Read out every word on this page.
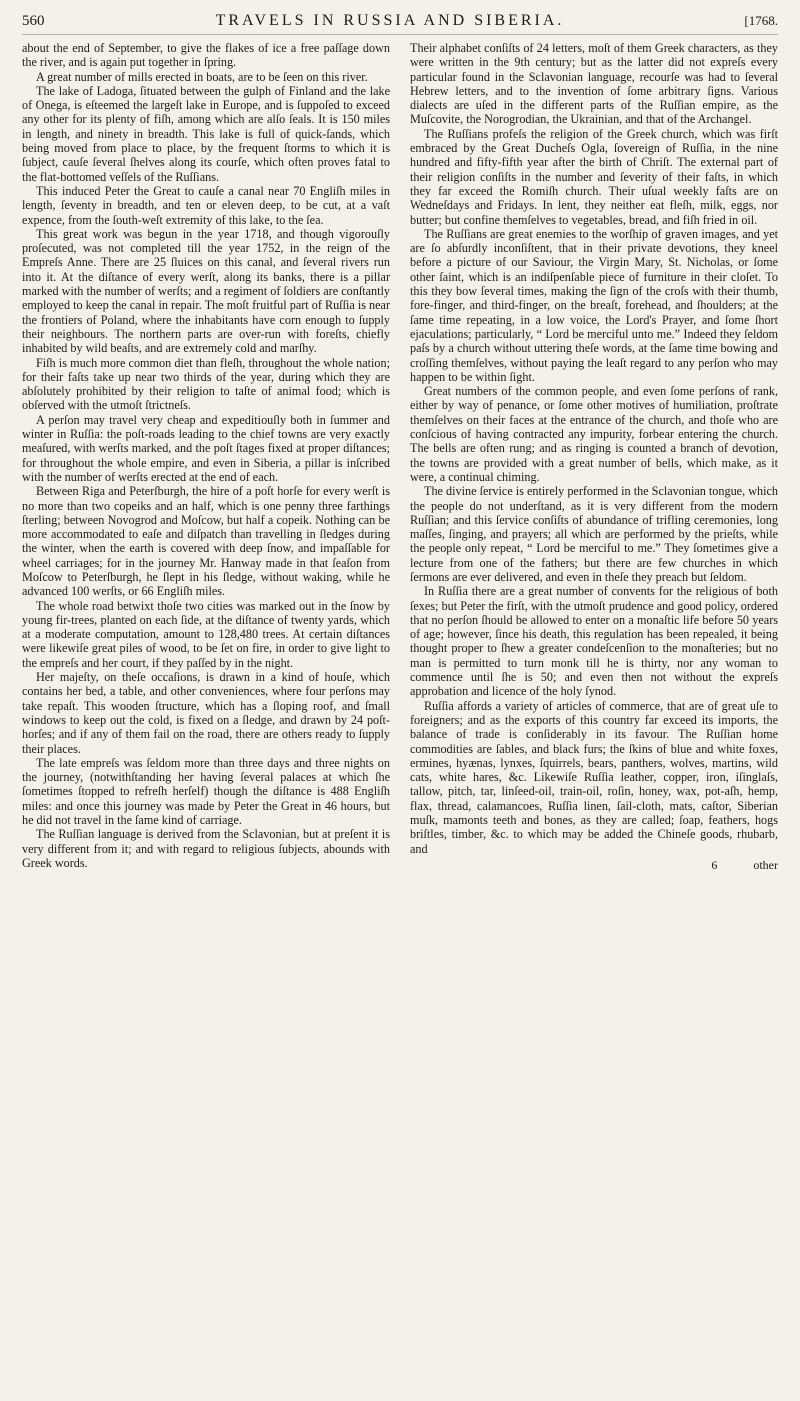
560	TRAVELS IN RUSSIA AND SIBERIA.	[1768.

about the end of September, to give the flakes of ice a free paſſage down the river, and is again put together in ſpring.

A great number of mills erected in boats, are to be ſeen on this river.

The lake of Ladoga, ſituated between the gulph of Finland and the lake of Onega, is eſteemed the largeſt lake in Europe, and is ſuppoſed to exceed any other for its plenty of fiſh, among which are alſo ſeals. It is 150 miles in length, and ninety in breadth. This lake is full of quick-ſands, which being moved from place to place, by the frequent ſtorms to which it is ſubject, cauſe ſeveral ſhelves along its courſe, which often proves fatal to the flat-bottomed veſſels of the Ruſſians.

This induced Peter the Great to cauſe a canal near 70 Engliſh miles in length, ſeventy in breadth, and ten or eleven deep, to be cut, at a vaſt expence, from the ſouth-weſt extremity of this lake, to the ſea.

This great work was begun in the year 1718, and though vigorouſly proſecuted, was not completed till the year 1752, in the reign of the Empreſs Anne. There are 25 ſluices on this canal, and ſeveral rivers run into it. At the diſtance of every werſt, along its banks, there is a pillar marked with the number of werſts; and a regiment of ſoldiers are conſtantly employed to keep the canal in repair. The moſt fruitful part of Ruſſia is near the frontiers of Poland, where the inhabitants have corn enough to ſupply their neighbours. The northern parts are over-run with foreſts, chiefly inhabited by wild beaſts, and are extremely cold and marſhy.

Fiſh is much more common diet than fleſh, throughout the whole nation; for their faſts take up near two thirds of the year, during which they are abſolutely prohibited by their religion to taſte of animal food; which is obſerved with the utmoſt ſtrictneſs.

A perſon may travel very cheap and expeditiouſly both in ſummer and winter in Ruſſia: the poſt-roads leading to the chief towns are very exactly meaſured, with werſts marked, and the poſt ſtages fixed at proper diſtances; for throughout the whole empire, and even in Siberia, a pillar is inſcribed with the number of werſts erected at the end of each.

Between Riga and Peterſburgh, the hire of a poſt horſe for every werſt is no more than two copeiks and an half, which is one penny three farthings ſterling; between Novogrod and Moſcow, but half a copeik. Nothing can be more accommodated to eaſe and diſpatch than travelling in ſledges during the winter, when the earth is covered with deep ſnow, and impaſſable for wheel carriages; for in the journey Mr. Hanway made in that ſeaſon from Moſcow to Peterſburgh, he ſlept in his ſledge, without waking, while he advanced 100 werſts, or 66 Engliſh miles.

The whole road betwixt thoſe two cities was marked out in the ſnow by young fir-trees, planted on each ſide, at the diſtance of twenty yards, which at a moderate computation, amount to 128,480 trees. At certain diſtances were likewiſe great piles of wood, to be ſet on fire, in order to give light to the empreſs and her court, if they paſſed by in the night.

Her majeſty, on theſe occaſions, is drawn in a kind of houſe, which contains her bed, a table, and other conveniences, where four perſons may take repaſt. This wooden ſtructure, which has a ſloping roof, and ſmall windows to keep out the cold, is fixed on a ſledge, and drawn by 24 poſt-horſes; and if any of them fail on the road, there are others ready to ſupply their places.

The late empreſs was ſeldom more than three days and three nights on the journey, (notwithſtanding her having ſeveral palaces at which ſhe ſometimes ſtopped to refreſh herſelf) though the diſtance is 488 Engliſh miles: and once this journey was made by Peter the Great in 46 hours, but he did not travel in the ſame kind of carriage.

The Ruſſian language is derived from the Sclavonian, but at preſent it is very different from it; and with regard to religious ſubjects, abounds with Greek words.

Their alphabet conſiſts of 24 letters, moſt of them Greek characters, as they were written in the 9th century; but as the latter did not expreſs every particular found in the Sclavonian language, recourſe was had to ſeveral Hebrew letters, and to the invention of ſome arbitrary ſigns. Various dialects are uſed in the different parts of the Ruſſian empire, as the Muſcovite, the Norogrodian, the Ukrainian, and that of the Archangel.

The Ruſſians profeſs the religion of the Greek church, which was firſt embraced by the Great Ducheſs Ogla, ſovereign of Ruſſia, in the nine hundred and fifty-fifth year after the birth of Chriſt. The external part of their religion conſiſts in the number and ſeverity of their faſts, in which they far exceed the Romiſh church. Their uſual weekly faſts are on Wedneſdays and Fridays. In lent, they neither eat fleſh, milk, eggs, nor butter; but confine themſelves to vegetables, bread, and fiſh fried in oil.

The Ruſſians are great enemies to the worſhip of graven images, and yet are ſo abſurdly inconſiſtent, that in their private devotions, they kneel before a picture of our Saviour, the Virgin Mary, St. Nicholas, or ſome other ſaint, which is an indiſpenſable piece of furniture in their cloſet. To this they bow ſeveral times, making the ſign of the croſs with their thumb, fore-finger, and third-finger, on the breaſt, forehead, and ſhoulders; at the ſame time repeating, in a low voice, the Lord's Prayer, and ſome ſhort ejaculations; particularly, “ Lord be merciful unto me.” Indeed they ſeldom paſs by a church without uttering theſe words, at the ſame time bowing and croſſing themſelves, without paying the leaſt regard to any perſon who may happen to be within ſight.

Great numbers of the common people, and even ſome perſons of rank, either by way of penance, or ſome other motives of humiliation, proſtrate themſelves on their faces at the entrance of the church, and thoſe who are conſcious of having contracted any impurity, forbear entering the church. The bells are often rung; and as ringing is counted a branch of devotion, the towns are provided with a great number of bells, which make, as it were, a continual chiming.

The divine ſervice is entirely performed in the Sclavonian tongue, which the people do not underſtand, as it is very different from the modern Ruſſian; and this ſervice conſiſts of abundance of trifling ceremonies, long maſſes, ſinging, and prayers; all which are performed by the prieſts, while the people only repeat, “ Lord be merciful to me.” They ſometimes give a lecture from one of the fathers; but there are few churches in which ſermons are ever delivered, and even in theſe they preach but ſeldom.

In Ruſſia there are a great number of convents for the religious of both ſexes; but Peter the firſt, with the utmoſt prudence and good policy, ordered that no perſon ſhould be allowed to enter on a monaſtic life before 50 years of age; however, ſince his death, this regulation has been repealed, it being thought proper to ſhew a greater condeſcenſion to the monaſteries; but no man is permitted to turn monk till he is thirty, nor any woman to commence until ſhe is 50; and even then not without the expreſs approbation and licence of the holy ſynod.

Ruſſia affords a variety of articles of commerce, that are of great uſe to foreigners; and as the exports of this country far exceed its imports, the balance of trade is conſiderably in its favour. The Ruſſian home commodities are ſables, and black furs; the ſkins of blue and white foxes, ermines, hyænas, lynxes, ſquirrels, bears, panthers, wolves, martins, wild cats, white hares, &c. Likewiſe Ruſſia leather, copper, iron, iſinglaſs, tallow, pitch, tar, linſeed-oil, train-oil, roſin, honey, wax, pot-aſh, hemp, flax, thread, calamancoes, Ruſſia linen, ſail-cloth, mats, caſtor, Siberian muſk, mamonts teeth and bones, as they are called; ſoap, feathers, hogs briſtles, timber, &c. to which may be added the Chineſe goods, rhubarb, and

6	other
